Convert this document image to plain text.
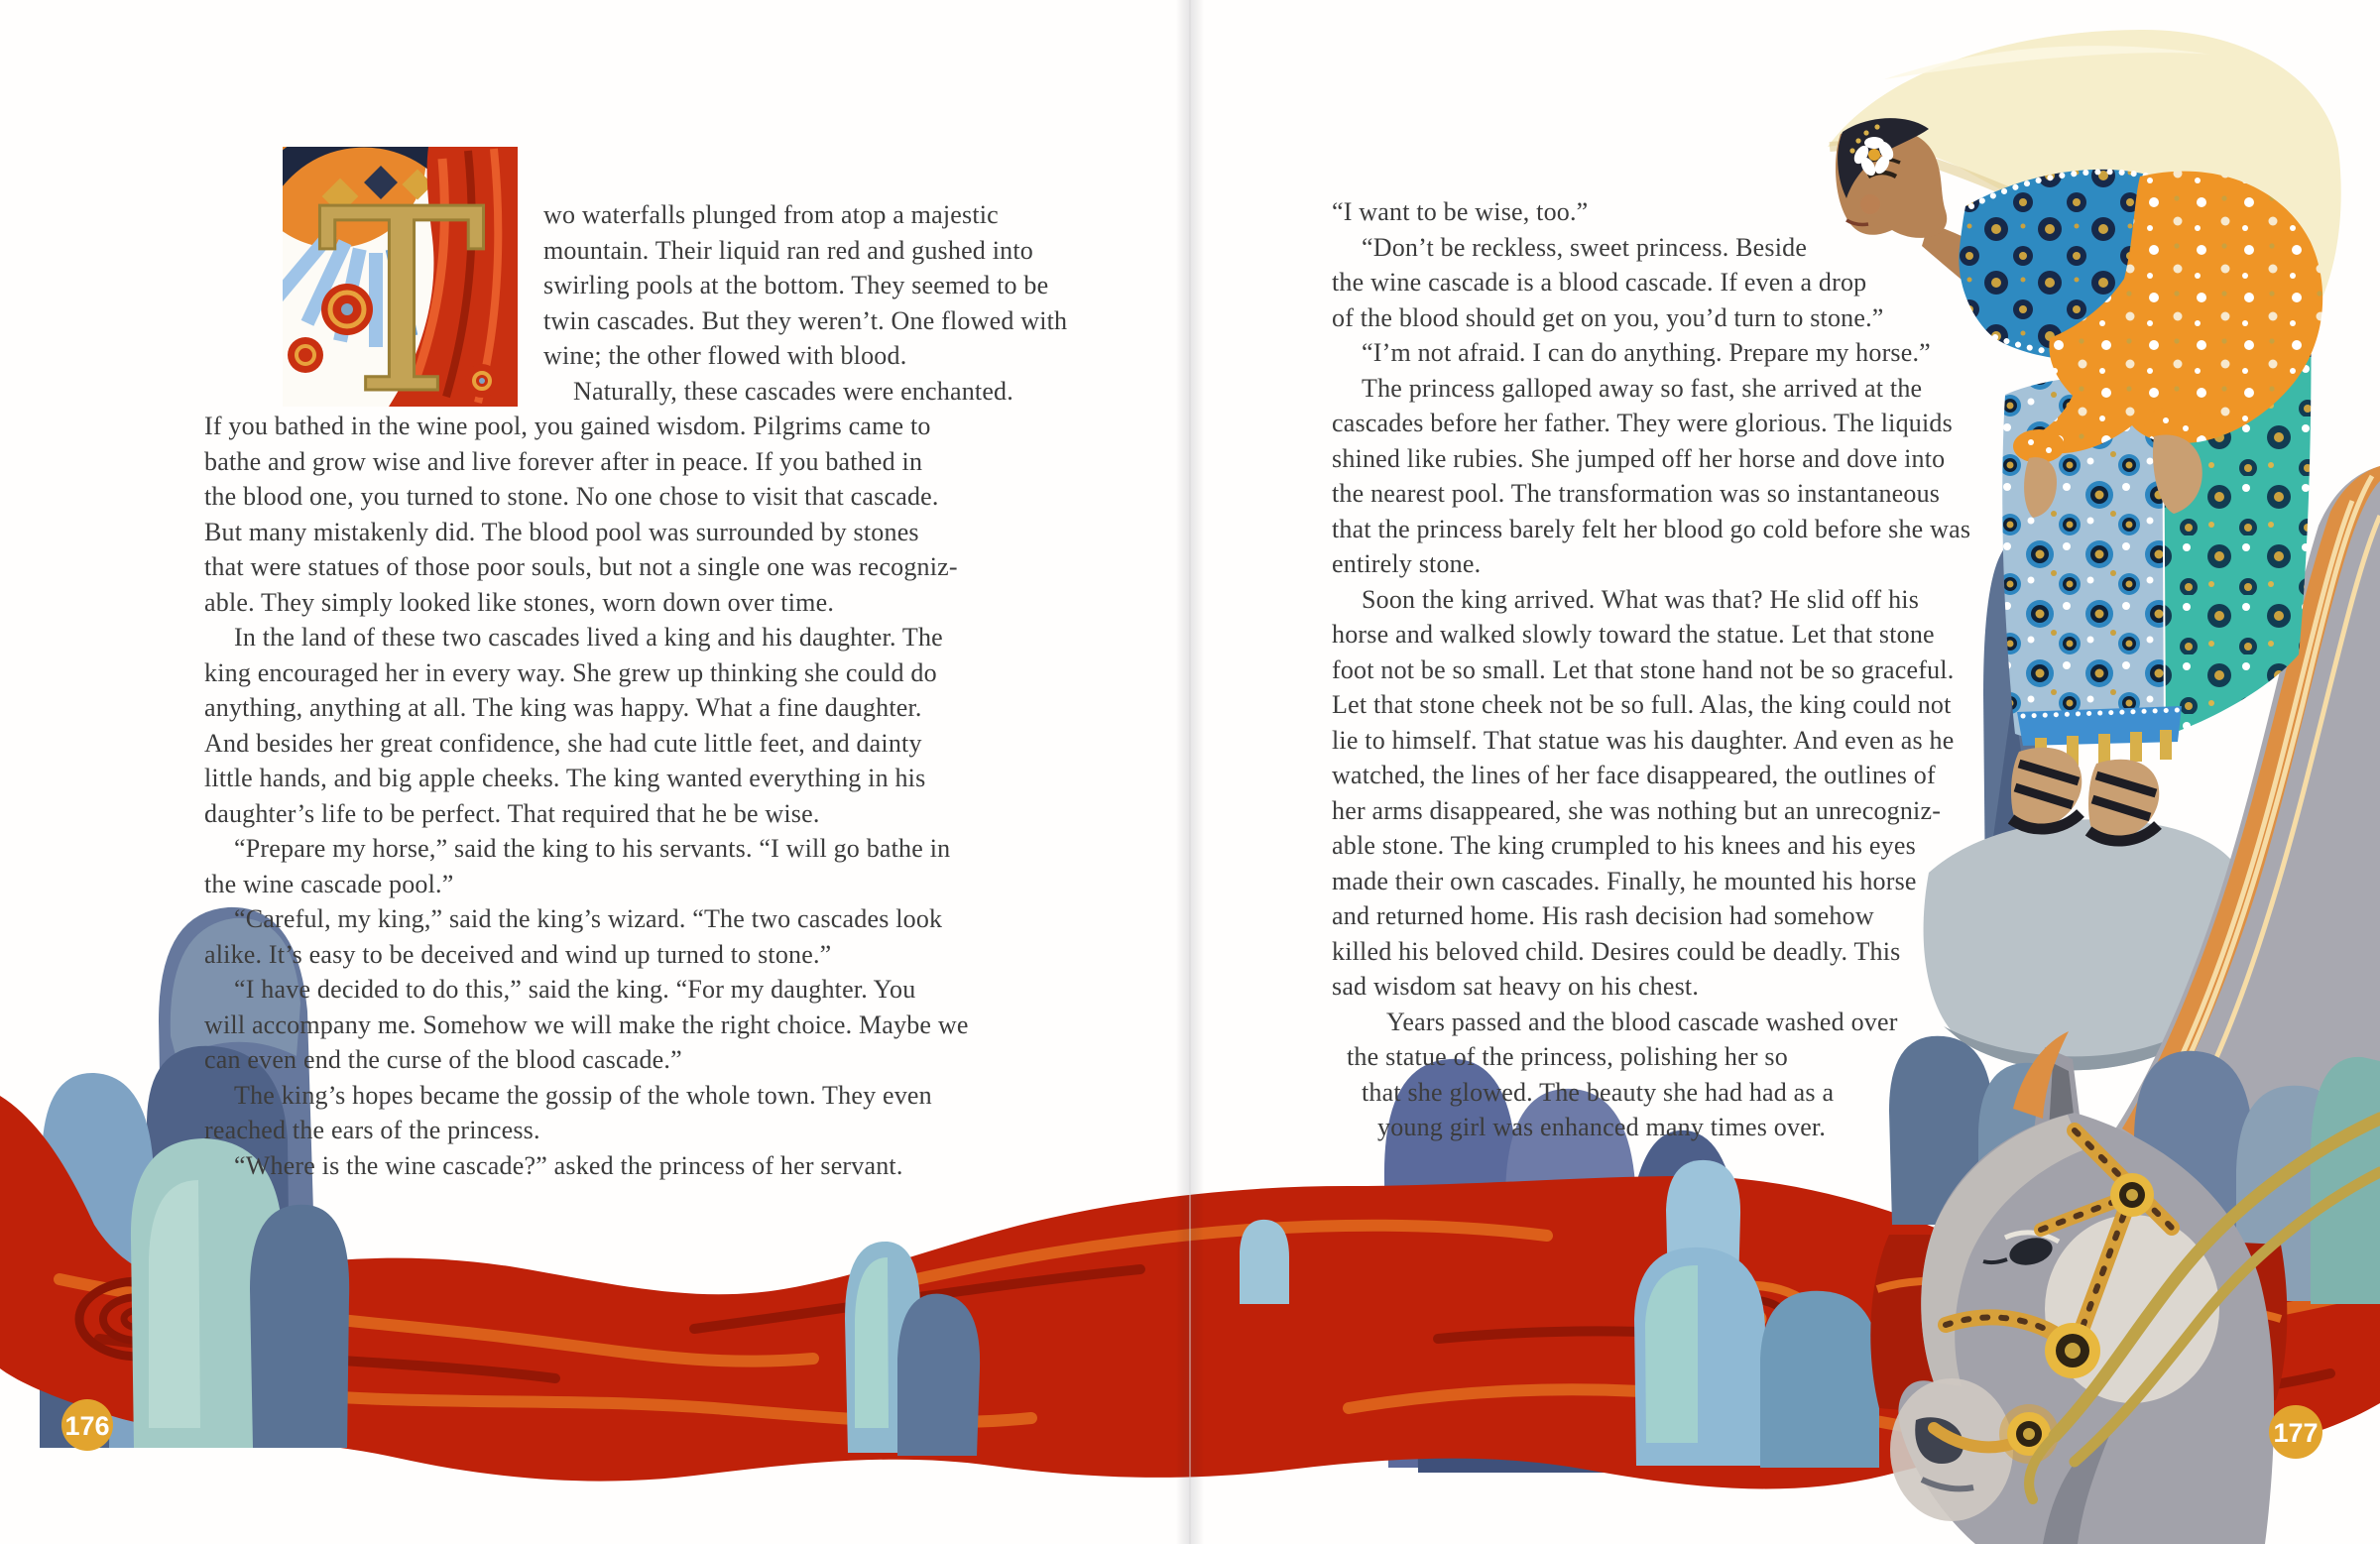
T
176	177
wo waterfalls plunged from atop a majestic
mountain. Their liquid ran red and gushed into
swirling pools at the bottom. They seemed to be
twin cascades. But they weren’t. One flowed with
wine; the other flowed with blood.
Naturally, these cascades were enchanted.
If you bathed in the wine pool, you gained wisdom. Pilgrims came to
bathe and grow wise and live forever after in peace. If you bathed in
the blood one, you turned to stone. No one chose to visit that cascade.
But many mistakenly did. The blood pool was surrounded by stones
that were statues of those poor souls, but not a single one was recogniz-
able. They simply looked like stones, worn down over time.
In the land of these two cascades lived a king and his daughter. The
king encouraged her in every way. She grew up thinking she could do
anything, anything at all. The king was happy. What a fine daughter.
And besides her great confidence, she had cute little feet, and dainty
little hands, and big apple cheeks. The king wanted everything in his
daughter’s life to be perfect. That required that he be wise.
“Prepare my horse,” said the king to his servants. “I will go bathe in
the wine cascade pool.”
“Careful, my king,” said the king’s wizard. “The two cascades look
alike. It’s easy to be deceived and wind up turned to stone.”
“I have decided to do this,” said the king. “For my daughter. You
will accompany me. Somehow we will make the right choice. Maybe we
can even end the curse of the blood cascade.”
The king’s hopes became the gossip of the whole town. They even
reached the ears of the princess.
“Where is the wine cascade?” asked the princess of her servant.
“I want to be wise, too.”
“Don’t be reckless, sweet princess. Beside
the wine cascade is a blood cascade. If even a drop
of the blood should get on you, you’d turn to stone.”
“I’m not afraid. I can do anything. Prepare my horse.”
The princess galloped away so fast, she arrived at the
cascades before her father. They were glorious. The liquids
shined like rubies. She jumped off her horse and dove into
the nearest pool. The transformation was so instantaneous
that the princess barely felt her blood go cold before she was
entirely stone.
Soon the king arrived. What was that? He slid off his
horse and walked slowly toward the statue. Let that stone
foot not be so small. Let that stone hand not be so graceful.
Let that stone cheek not be so full. Alas, the king could not
lie to himself. That statue was his daughter. And even as he
watched, the lines of her face disappeared, the outlines of
her arms disappeared, she was nothing but an unrecogniz-
able stone. The king crumpled to his knees and his eyes
made their own cascades. Finally, he mounted his horse
and returned home. His rash decision had somehow
killed his beloved child. Desires could be deadly. This
sad wisdom sat heavy on his chest.
Years passed and the blood cascade washed over
the statue of the princess, polishing her so
that she glowed. The beauty she had had as a
young girl was enhanced many times over.
